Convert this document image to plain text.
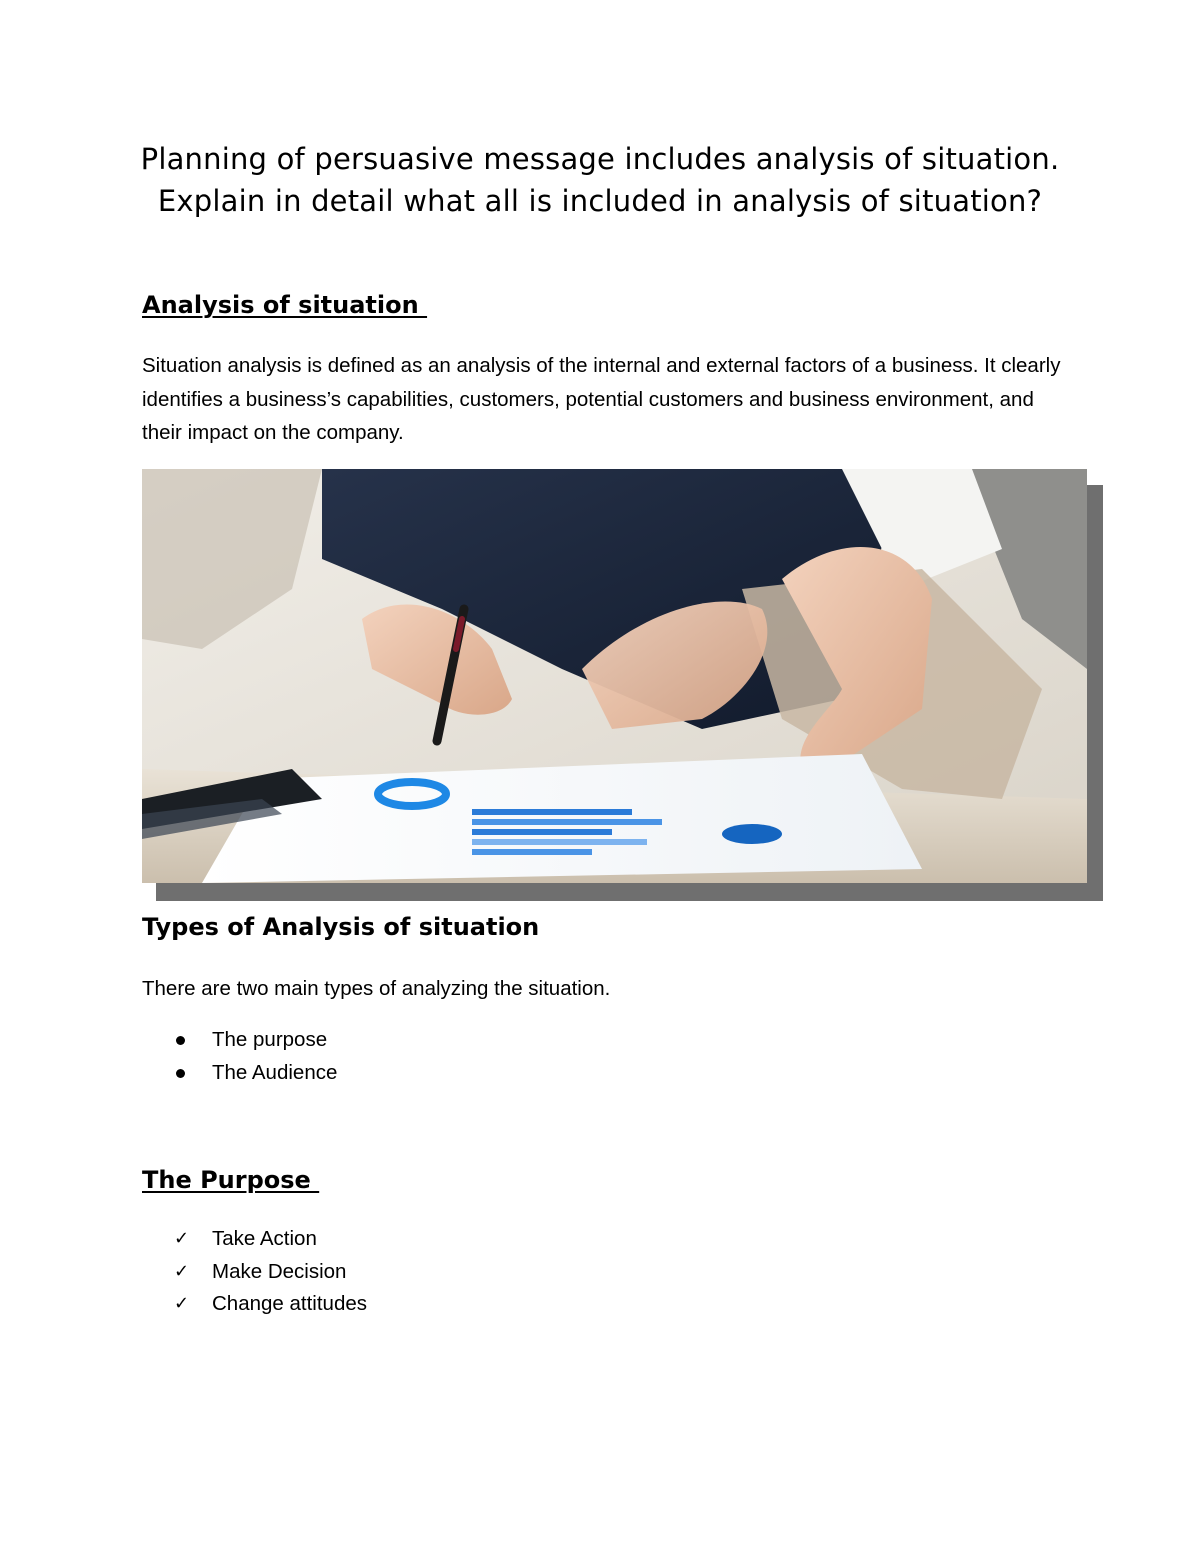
Planning of persuasive message includes analysis of situation. Explain in detail what all is included in analysis of situation?
Analysis of situation

Situation analysis is defined as an analysis of the internal and external factors of a business. It clearly identifies a business’s capabilities, customers, potential customers and business environment, and their impact on the company.

Types of Analysis of situation

There are two main types of analyzing the situation.

The purpose
The Audience
The Purpose
✓ Take Action
✓ Make Decision
✓ Change attitudes
